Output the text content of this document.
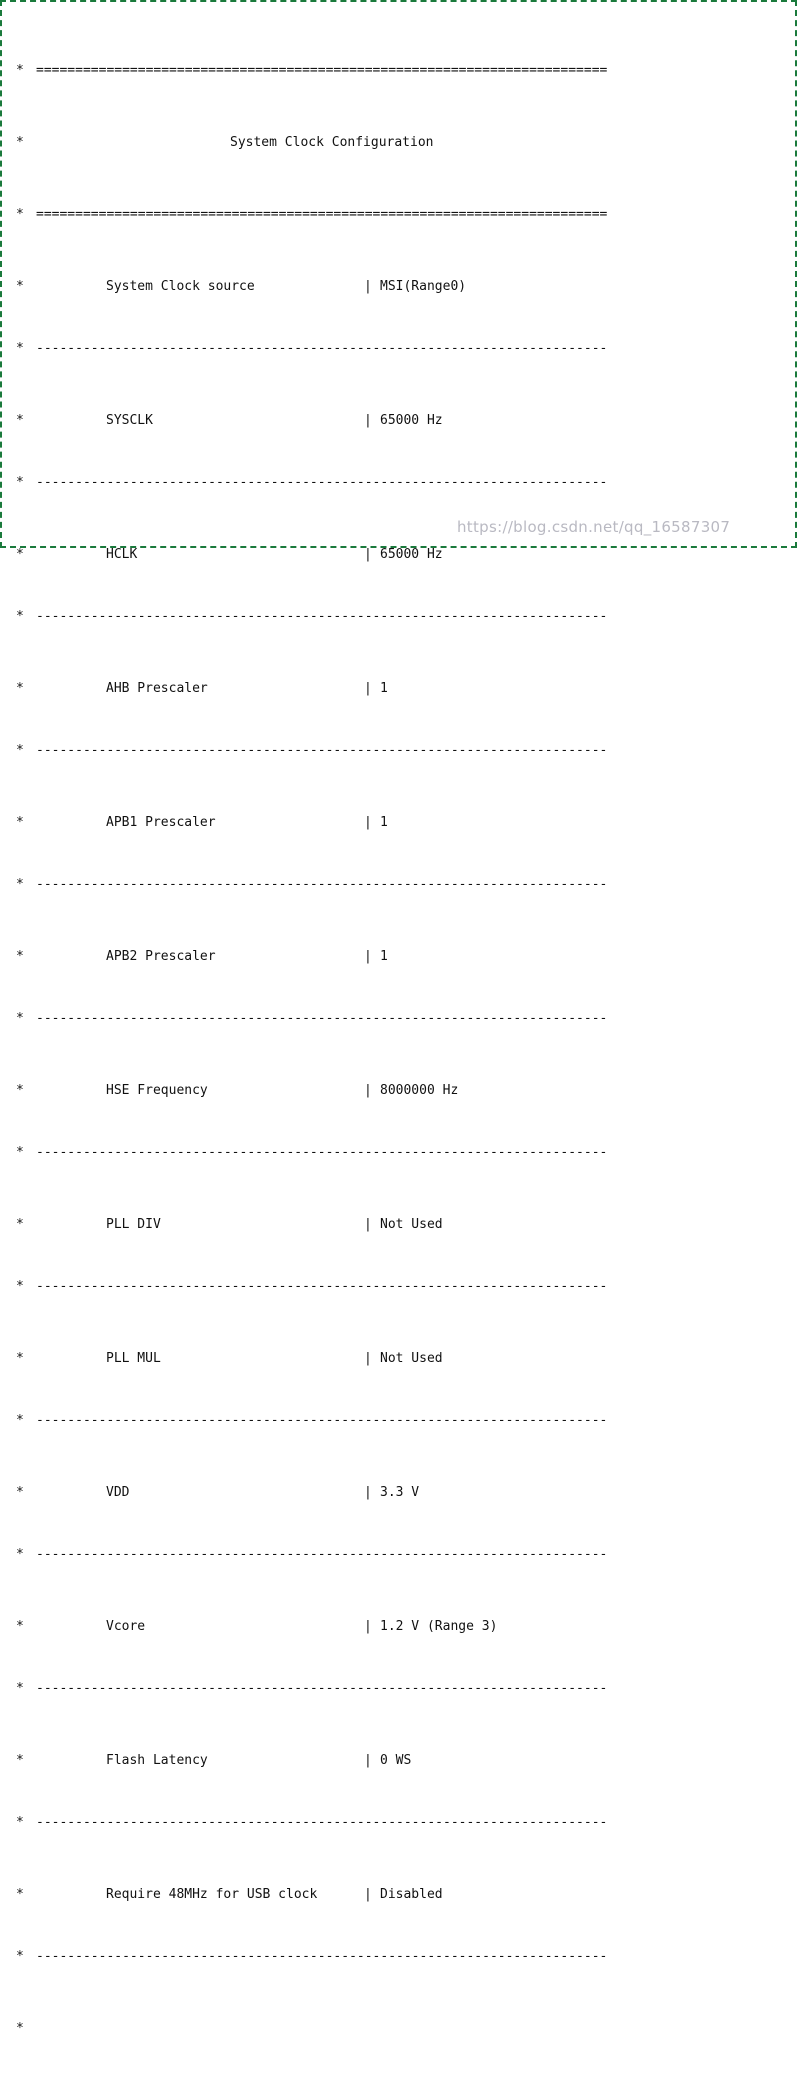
* =========================================================================

*	System Clock Configuration

* =========================================================================

*	System Clock source	| MSI(Range0)

* -------------------------------------------------------------------------

*	SYSCLK	| 65000 Hz

* -------------------------------------------------------------------------

*	HCLK	| 65000 Hz

* -------------------------------------------------------------------------

*	AHB Prescaler	| 1

* -------------------------------------------------------------------------

*	APB1 Prescaler	| 1

* -------------------------------------------------------------------------

*	APB2 Prescaler	| 1

* -------------------------------------------------------------------------

*	HSE Frequency	| 8000000 Hz

* -------------------------------------------------------------------------

*	PLL DIV	| Not Used

* -------------------------------------------------------------------------

*	PLL MUL	| Not Used

* -------------------------------------------------------------------------

*	VDD	| 3.3 V

* -------------------------------------------------------------------------

*	Vcore	| 1.2 V (Range 3)

* -------------------------------------------------------------------------

*	Flash Latency	| 0 WS

* -------------------------------------------------------------------------

*	Require 48MHz for USB clock	| Disabled

* -------------------------------------------------------------------------

*

https://blog.csdn.net/qq_16587307
